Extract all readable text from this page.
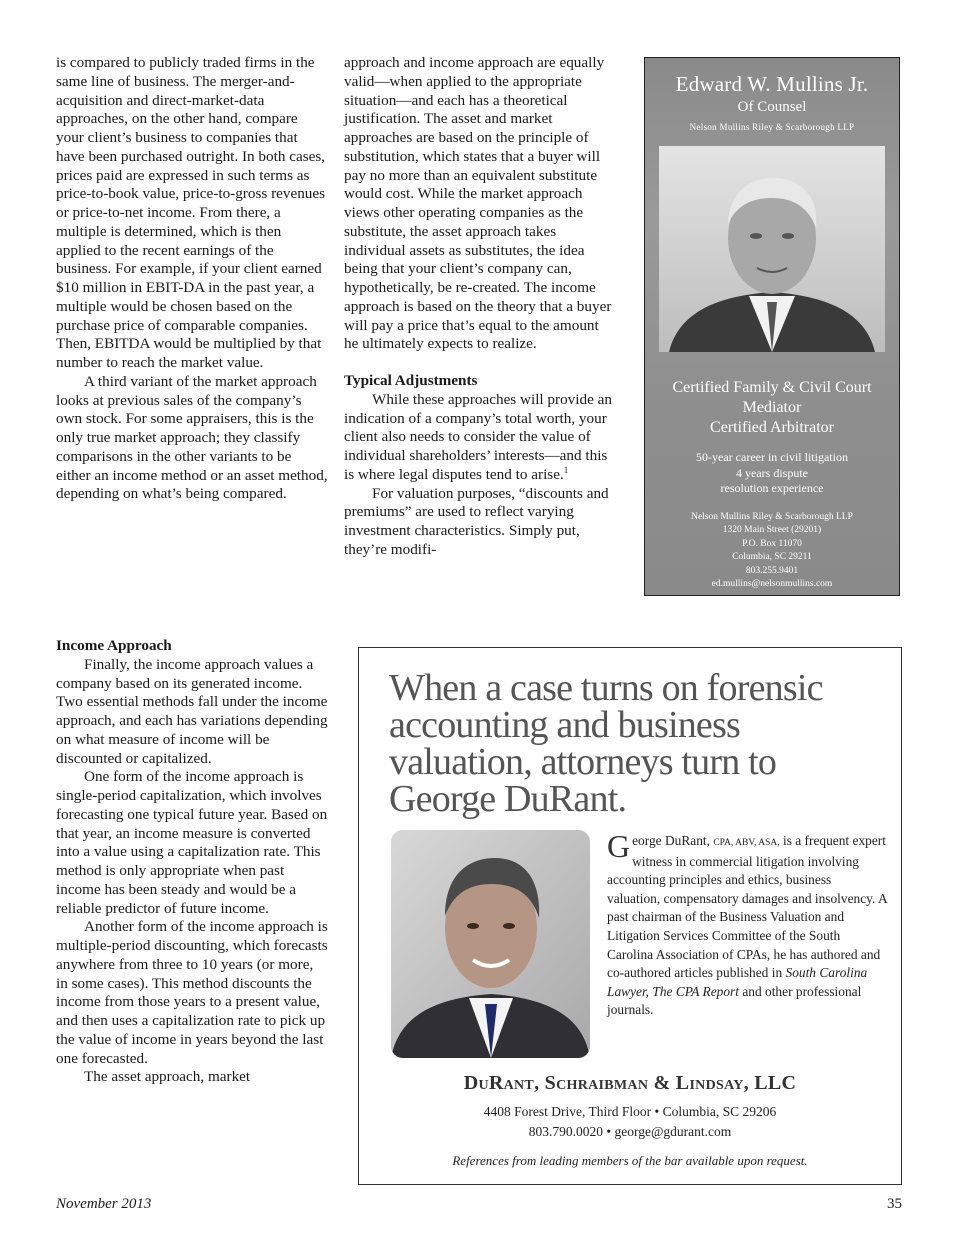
is compared to publicly traded firms in the same line of business. The merger-and-acquisition and direct-market-data approaches, on the other hand, compare your client’s business to companies that have been purchased outright. In both cases, prices paid are expressed in such terms as price-to-book value, price-to-gross revenues or price-to-net income. From there, a multiple is determined, which is then applied to the recent earnings of the business. For example, if your client earned $10 million in EBIT-DA in the past year, a multiple would be chosen based on the purchase price of comparable companies. Then, EBITDA would be multiplied by that number to reach the market value.

A third variant of the market approach looks at previous sales of the company’s own stock. For some appraisers, this is the only true market approach; they classify comparisons in the other variants to be either an income method or an asset method, depending on what’s being compared.

Income Approach

Finally, the income approach values a company based on its generated income. Two essential methods fall under the income approach, and each has variations depending on what measure of income will be discounted or capitalized.

One form of the income approach is single-period capitalization, which involves forecasting one typical future year. Based on that year, an income measure is converted into a value using a capitalization rate. This method is only appropriate when past income has been steady and would be a reliable predictor of future income.

Another form of the income approach is multiple-period discounting, which forecasts anywhere from three to 10 years (or more, in some cases). This method discounts the income from those years to a present value, and then uses a capitalization rate to pick up the value of income in years beyond the last one forecasted.

The asset approach, market

approach and income approach are equally valid—when applied to the appropriate situation—and each has a theoretical justification. The asset and market approaches are based on the principle of substitution, which states that a buyer will pay no more than an equivalent substitute would cost. While the market approach views other operating companies as the substitute, the asset approach takes individual assets as substitutes, the idea being that your client’s company can, hypothetically, be re-created. The income approach is based on the theory that a buyer will pay a price that’s equal to the amount he ultimately expects to realize.

Typical Adjustments

While these approaches will provide an indication of a company’s total worth, your client also needs to consider the value of individual shareholders’ interests—and this is where legal disputes tend to arise.$^1$

For valuation purposes, “discounts and premiums” are used to reflect varying investment characteristics. Simply put, they’re modifi-

Edward W. Mullins Jr.
Of Counsel
Nelson Mullins Riley & Scarborough LLP
Certified Family & Civil Court
Mediator
Certified Arbitrator
50-year career in civil litigation
4 years dispute
resolution experience
Nelson Mullins Riley & Scarborough LLP
1320 Main Street (29201)
P.O. Box 11070
Columbia, SC 29211
803.255.9401
ed.mullins@nelsonmullins.com
When a case turns on forensic accounting and business valuation, attorneys turn to George DuRant.
George DuRant, CPA, ABV, ASA, is a frequent expert witness in commercial litigation involving accounting principles and ethics, business valuation, compensatory damages and insolvency. A past chairman of the Business Valuation and Litigation Services Committee of the South Carolina Association of CPAs, he has authored and co-authored articles published in South Carolina Lawyer, The CPA Report and other professional journals.
DuRant, Schraibman & Lindsay, LLC
4408 Forest Drive, Third Floor • Columbia, SC 29206
803.790.0020 • george@gdurant.com
References from leading members of the bar available upon request.
November 2013	35
